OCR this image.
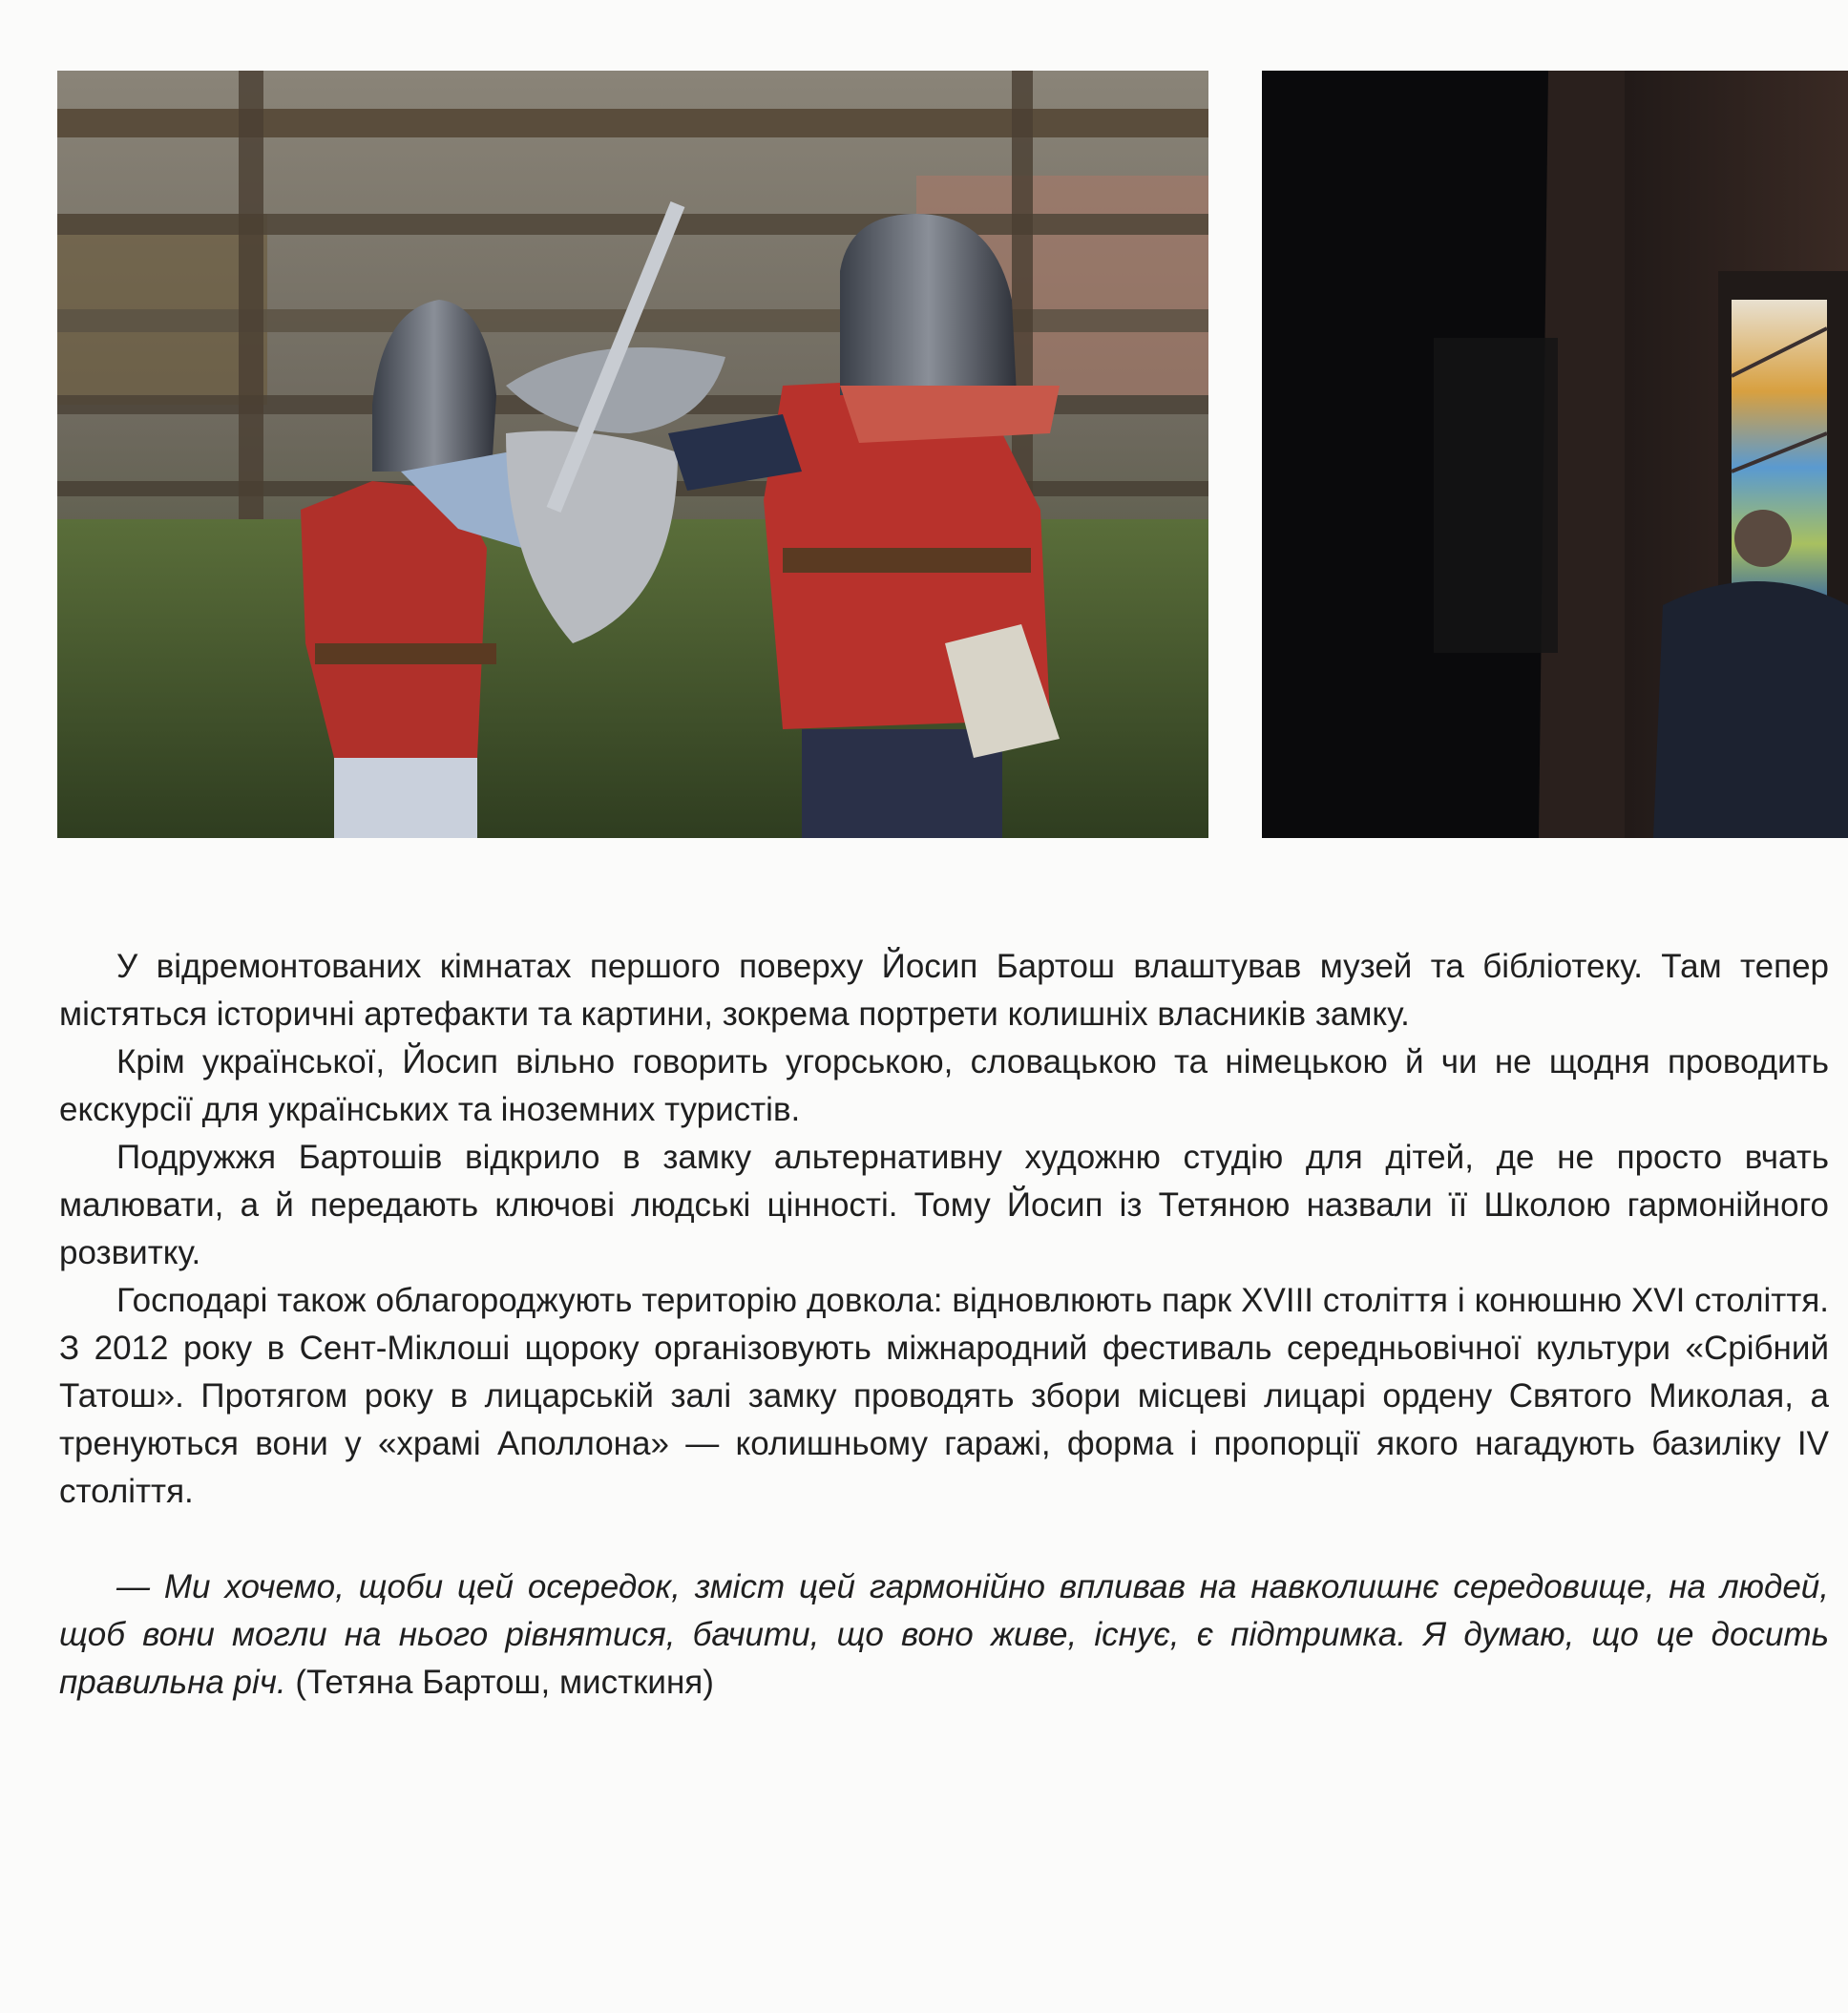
У відремонтованих кімнатах першого поверху Йосип Бартош влаштував музей та бібліотеку. Там тепер містяться історичні артефакти та картини, зокрема портрети колишніх власників замку.

Крім української, Йосип вільно говорить угорською, словацькою та німецькою й чи не щодня проводить екскурсії для українських та іноземних туристів.

Подружжя Бартошів відкрило в замку альтернативну художню студію для дітей, де не просто вчать малювати, а й передають ключові людські цінності. Тому Йосип із Тетяною назвали її Школою гармонійного розвитку.

Господарі також облагороджують територію довкола: відновлюють парк XVIII століття і конюшню XVI століття. З 2012 року в Сент-Міклоші щороку організовують міжнародний фестиваль середньовічної культури «Срібний Татош». Протягом року в лицарській залі замку проводять збори місцеві лицарі ордену Святого Миколая, а тренуються вони у «храмі Аполлона» — колишньому гаражі, форма і пропорції якого нагадують базиліку IV століття.

— Ми хочемо, щоби цей осередок, зміст цей гармонійно впливав на навколишнє середовище, на людей, щоб вони могли на нього рівнятися, бачити, що воно живе, існує, є підтримка. Я думаю, що це досить правильна річ. (Тетяна Бартош, мисткиня)
